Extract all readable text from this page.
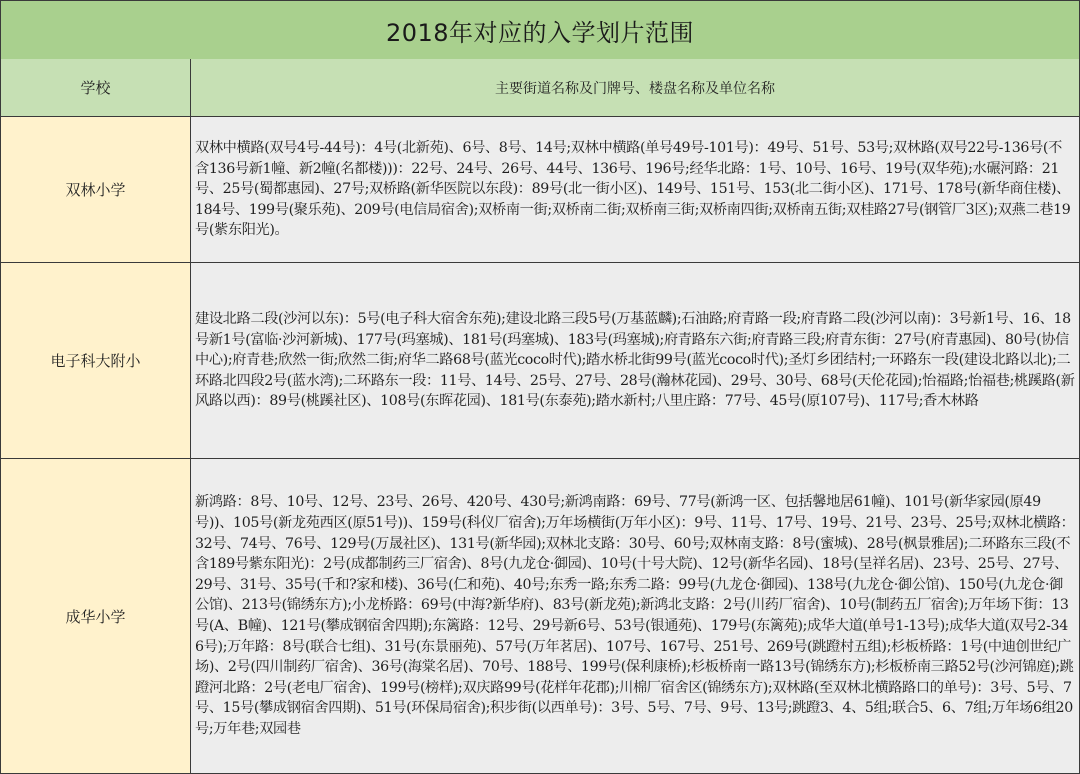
2018年对应的入学划片范围
学校	主要街道名称及门牌号、楼盘名称及单位名称
双林小学
双林中横路(双号4号-44号)：4号(北新苑)、6号、8号、14号;双林中横路(单号49号-101号)：49号、51号、53号;双林路(双号22号-136号(不含136号新1幢、新2幢(名都楼)))：22号、24号、26号、44号、136号、196号;经华北路：1号、10号、16号、19号(双华苑);水碾河路：21号、25号(蜀都惠园)、27号;双桥路(新华医院以东段)：89号(北一街小区)、149号、151号、153(北二街小区)、171号、178号(新华商住楼)、184号、199号(聚乐苑)、209号(电信局宿舍);双桥南一街;双桥南二街;双桥南三街;双桥南四街;双桥南五街;双桂路27号(钢管厂3区);双燕二巷19号(紫东阳光)。
电子科大附小
建设北路二段(沙河以东)：5号(电子科大宿舍东苑);建设北路三段5号(万基蓝麟);石油路;府青路一段;府青路二段(沙河以南)：3号新1号、16、18号新1号(富临·沙河新城)、177号(玛塞城)、181号(玛塞城)、183号(玛塞城);府青路东六街;府青路三段;府青东街：27号(府青惠园)、80号(协信中心);府青巷;欣然一街;欣然二街;府华二路68号(蓝光coco时代);踏水桥北街99号(蓝光coco时代);圣灯乡团结村;一环路东一段(建设北路以北);二环路北四段2号(蓝水湾);二环路东一段：11号、14号、25号、27号、28号(瀚林花园)、29号、30号、68号(天伦花园);怡福路;怡福巷;桃蹊路(新风路以西)：89号(桃蹊社区)、108号(东晖花园)、181号(东泰苑);踏水新村;八里庄路：77号、45号(原107号)、117号;香木林路
成华小学
新鸿路：8号、10号、12号、23号、26号、420号、430号;新鸿南路：69号、77号(新鸿一区、包括馨地居61幢)、101号(新华家园(原49号))、105号(新龙苑西区(原51号))、159号(科仪厂宿舍);万年场横街(万年小区)：9号、11号、17号、19号、21号、23号、25号;双林北横路：32号、74号、76号、129号(万晟社区)、131号(新华园);双林北支路：30号、60号;双林南支路：8号(蜜城)、28号(枫景雅居);二环路东三段(不含189号紫东阳光)：2号(成都制药三厂宿舍)、8号(九龙仓·御园)、10号(十号大院)、12号(新华名园)、18号(呈祥名居)、23号、25号、27号、29号、31号、35号(千和?家和楼)、36号(仁和苑)、40号;东秀一路;东秀二路：99号(九龙仓·御园)、138号(九龙仓·御公馆)、150号(九龙仓·御公馆)、213号(锦绣东方);小龙桥路：69号(中海?新华府)、83号(新龙苑);新鸿北支路：2号(川药厂宿舍)、10号(制药五厂宿舍);万年场下街：13号(A、B幢)、121号(攀成钢宿舍四期);东篱路：12号、29号新6号、53号(银通苑)、179号(东篱苑);成华大道(单号1-13号);成华大道(双号2-346号);万年路：8号(联合七组)、31号(东景丽苑)、57号(万年茗居)、107号、167号、251号、269号(跳蹬村五组);杉板桥路：1号(中迪创世纪广场)、2号(四川制药厂宿舍)、36号(海棠名居)、70号、188号、199号(保利康桥);杉板桥南一路13号(锦绣东方);杉板桥南三路52号(沙河锦庭);跳蹬河北路：2号(老电厂宿舍)、199号(榜样);双庆路99号(花样年花郡);川棉厂宿舍区(锦绣东方);双林路(至双林北横路路口的单号)：3号、5号、7号、15号(攀成钢宿舍四期)、51号(环保局宿舍);积步街(以西单号)：3号、5号、7号、9号、13号;跳蹬3、4、5组;联合5、6、7组;万年场6组20号;万年巷;双园巷
